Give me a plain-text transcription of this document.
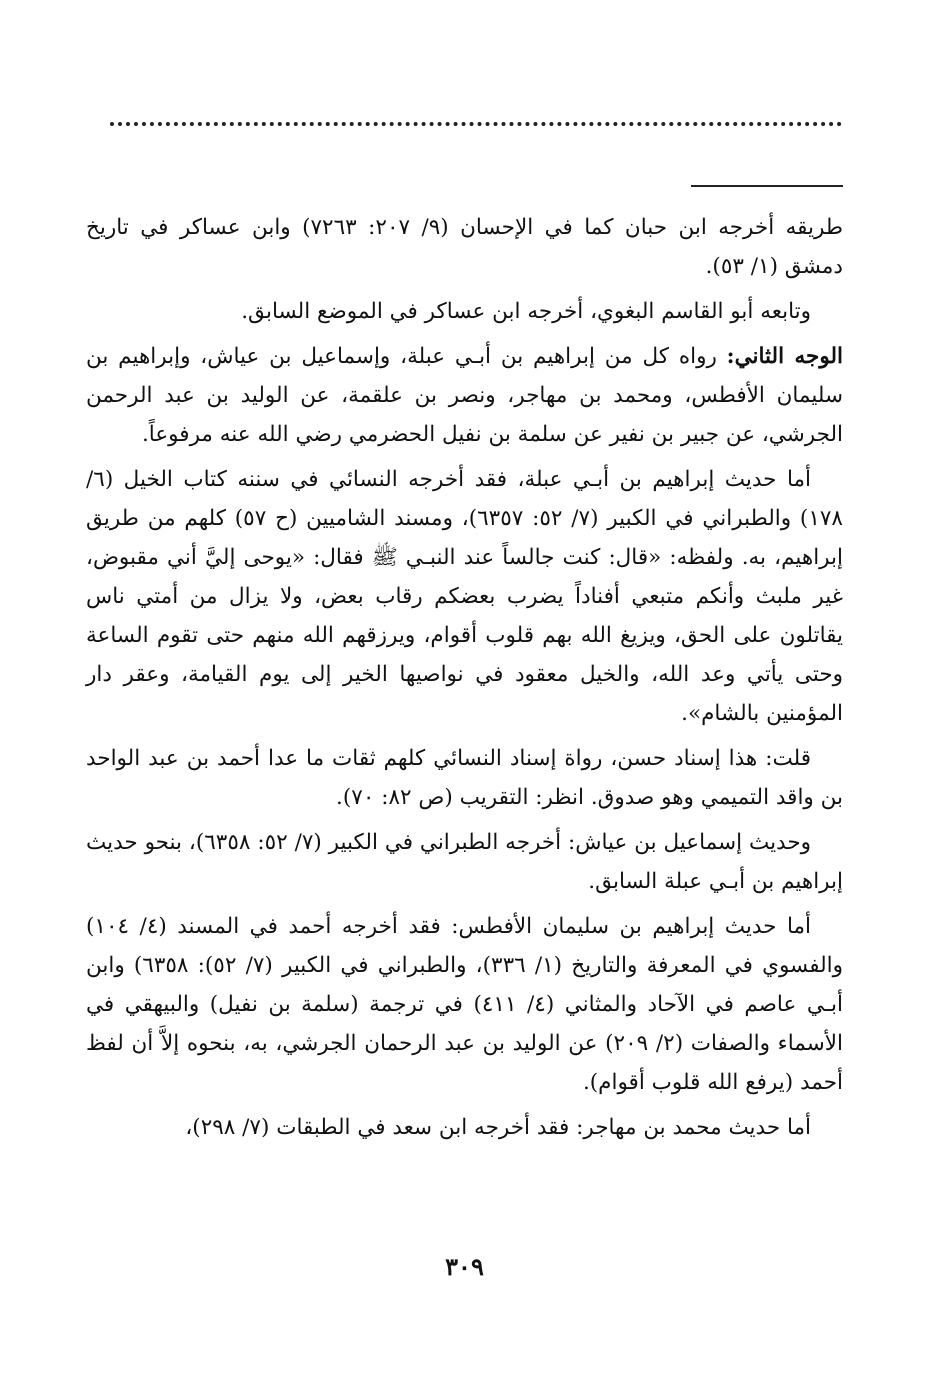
طريقه أخرجه ابن حبان كما في الإحسان (٩/ ٢٠٧: ٧٢٦٣) وابن عساكر في تاريخ دمشق (١/ ٥٣).

وتابعه أبو القاسم البغوي، أخرجه ابن عساكر في الموضع السابق.

الوجه الثاني: رواه كل من إبراهيم بن أبـي عبلة، وإسماعيل بن عياش، وإبراهيم بن سليمان الأفطس، ومحمد بن مهاجر، ونصر بن علقمة، عن الوليد بن عبد الرحمن الجرشي، عن جبير بن نفير عن سلمة بن نفيل الحضرمي رضي الله عنه مرفوعاً.

أما حديث إبراهيم بن أبـي عبلة، فقد أخرجه النسائي في سننه كتاب الخيل (٦/ ١٧٨) والطبراني في الكبير (٧/ ٥٢: ٦٣٥٧)، ومسند الشاميين (ح ٥٧) كلهم من طريق إبراهيم، به. ولفظه: «قال: كنت جالساً عند النبـي ﷺ فقال: «يوحى إليَّ أني مقبوض، غير ملبث وأنكم متبعي أفناداً يضرب بعضكم رقاب بعض، ولا يزال من أمتي ناس يقاتلون على الحق، ويزيغ الله بهم قلوب أقوام، ويرزقهم الله منهم حتى تقوم الساعة وحتى يأتي وعد الله، والخيل معقود في نواصيها الخير إلى يوم القيامة، وعقر دار المؤمنين بالشام».

قلت: هذا إسناد حسن، رواة إسناد النسائي كلهم ثقات ما عدا أحمد بن عبد الواحد بن واقد التميمي وهو صدوق. انظر: التقريب (ص ٨٢: ٧٠).

وحديث إسماعيل بن عياش: أخرجه الطبراني في الكبير (٧/ ٥٢: ٦٣٥٨)، بنحو حديث إبراهيم بن أبـي عبلة السابق.

أما حديث إبراهيم بن سليمان الأفطس: فقد أخرجه أحمد في المسند (٤/ ١٠٤) والفسوي في المعرفة والتاريخ (١/ ٣٣٦)، والطبراني في الكبير (٧/ ٥٢): ٦٣٥٨) وابن أبـي عاصم في الآحاد والمثاني (٤/ ٤١١) في ترجمة (سلمة بن نفيل) والبيهقي في الأسماء والصفات (٢/ ٢٠٩) عن الوليد بن عبد الرحمان الجرشي، به، بنحوه إلاَّ أن لفظ أحمد (يرفع الله قلوب أقوام).

أما حديث محمد بن مهاجر: فقد أخرجه ابن سعد في الطبقات (٧/ ٢٩٨)،

٣٠٩
